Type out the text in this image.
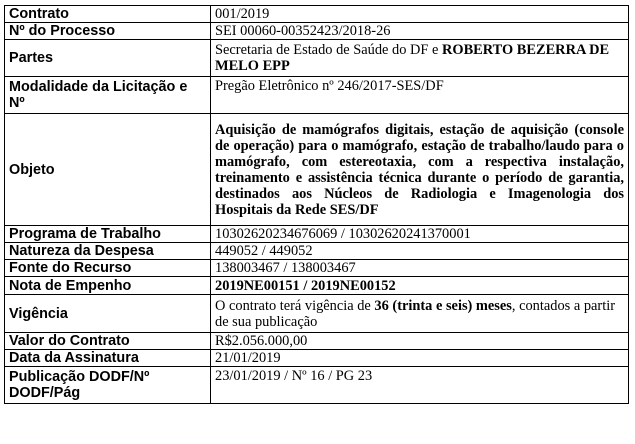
Contrato	001/2019
Nº do Processo	SEI 00060-00352423/2018-26
Partes	Secretaria de Estado de Saúde do DF e ROBERTO BEZERRA DE MELO EPP
Modalidade da Licitação e Nº	Pregão Eletrônico nº 246/2017-SES/DF
Objeto	Aquisição de mamógrafos digitais, estação de aquisição (console de operação) para o mamógrafo, estação de trabalho/laudo para o mamógrafo, com estereotaxia, com a respectiva instalação, treinamento e assistência técnica durante o período de garantia, destinados aos Núcleos de Radiologia e Imagenologia dos Hospitais da Rede SES/DF
Programa de Trabalho	10302620234676069 / 10302620241370001
Natureza da Despesa	449052 / 449052
Fonte do Recurso	138003467 / 138003467
Nota de Empenho	2019NE00151 / 2019NE00152
Vigência	O contrato terá vigência de 36 (trinta e seis) meses, contados a partir de sua publicação
Valor do Contrato	R$2.056.000,00
Data da Assinatura	21/01/2019
Publicação DODF/Nº DODF/Pág	23/01/2019 / Nº 16 / PG 23
